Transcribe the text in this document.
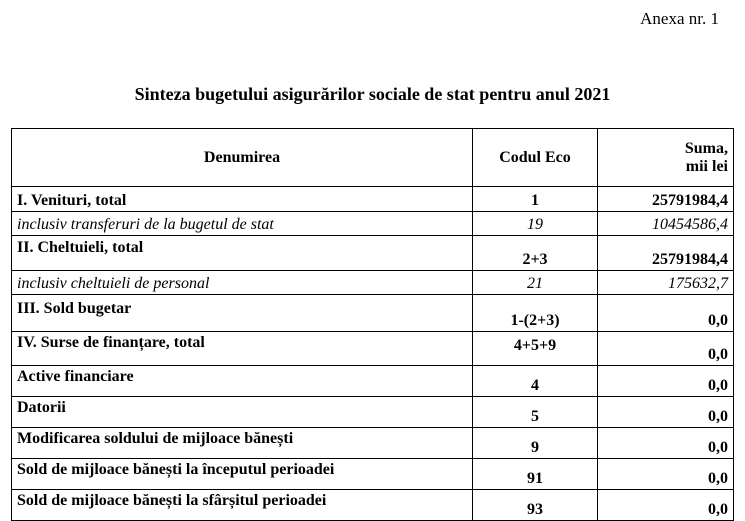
Anexa nr. 1
Sinteza bugetului asigurărilor sociale de stat pentru anul 2021
Denumirea	Codul Eco	Suma,
mii lei

I. Venituri, total	1	25791984,4
inclusiv transferuri de la bugetul de stat	19	10454586,4
II. Cheltuieli, total	2+3	25791984,4
inclusiv cheltuieli de personal	21	175632,7
III. Sold bugetar	1-(2+3)	0,0
IV. Surse de finanțare, total	4+5+9	0,0
Active financiare	4	0,0
Datorii	5	0,0
Modificarea soldului de mijloace bănești	9	0,0
Sold de mijloace bănești la începutul perioadei	91	0,0
Sold de mijloace bănești la sfârșitul perioadei	93	0,0
